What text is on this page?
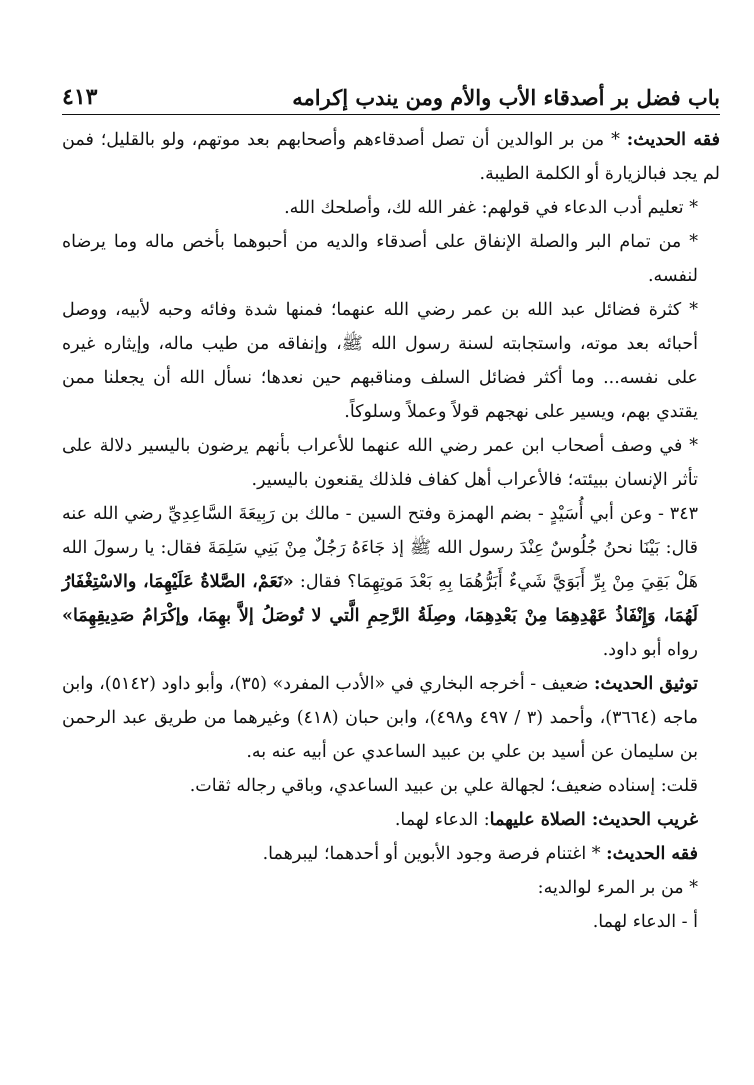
باب فضل بر أصدقاء الأب والأم ومن يندب إكرامه
٤١٣

فقه الحديث: * من بر الوالدين أن تصل أصدقاءهم وأصحابهم بعد موتهم، ولو بالقليل؛ فمن لم يجد فبالزيارة أو الكلمة الطيبة.

* تعليم أدب الدعاء في قولهم: غفر الله لك، وأصلحك الله.

* من تمام البر والصلة الإنفاق على أصدقاء والديه من أحبوهما بأخص ماله وما يرضاه لنفسه.

* كثرة فضائل عبد الله بن عمر رضي الله عنهما؛ فمنها شدة وفائه وحبه لأبيه، ووصل أحبائه بعد موته، واستجابته لسنة رسول الله ﷺ، وإنفاقه من طيب ماله، وإيثاره غيره على نفسه... وما أكثر فضائل السلف ومناقبهم حين نعدها؛ نسأل الله أن يجعلنا ممن يقتدي بهم، ويسير على نهجهم قولاً وعملاً وسلوكاً.

* في وصف أصحاب ابن عمر رضي الله عنهما للأعراب بأنهم يرضون باليسير دلالة على تأثر الإنسان ببيئته؛ فالأعراب أهل كفاف فلذلك يقنعون باليسير.

٣٤٣ - وعن أبي أُسَيْدٍ - بضم الهمزة وفتح السين - مالك بن رَبِيعَةَ السَّاعِدِيِّ رضي الله عنه قال: بَيْنَا نحنُ جُلُوسٌ عِنْدَ رسول الله ﷺ إذ جَاءَهُ رَجُلٌ مِنْ بَنِي سَلِمَةَ فقال: يا رسولَ الله هَلْ بَقِيَ مِنْ بِرِّ أَبَوَيَّ شَيءٌ أَبَرُّهُمَا بِهِ بَعْدَ مَوتِهِمَا؟ فقال: «نَعَمْ، الصَّلاةُ عَلَيْهِمَا، والاسْتِغْفَارُ لَهُمَا، وَإِنْفَاذُ عَهْدِهِمَا مِنْ بَعْدِهِمَا، وصِلَةُ الرَّحِمِ الَّتي لا تُوصَلُ إلاَّ بهِمَا، وإكْرَامُ صَدِيقِهِمَا» رواه أبو داود.

توثيق الحديث: ضعيف - أخرجه البخاري في «الأدب المفرد» (٣٥)، وأبو داود (٥١٤٢)، وابن ماجه (٣٦٦٤)، وأحمد (٣ / ٤٩٧ و٤٩٨)، وابن حبان (٤١٨) وغيرهما من طريق عبد الرحمن بن سليمان عن أسيد بن علي بن عبيد الساعدي عن أبيه عنه به.

قلت: إسناده ضعيف؛ لجهالة علي بن عبيد الساعدي، وباقي رجاله ثقات.

غريب الحديث: الصلاة عليهما: الدعاء لهما.

فقه الحديث: * اغتنام فرصة وجود الأبوين أو أحدهما؛ ليبرهما.

* من بر المرء لوالديه:

أ - الدعاء لهما.
